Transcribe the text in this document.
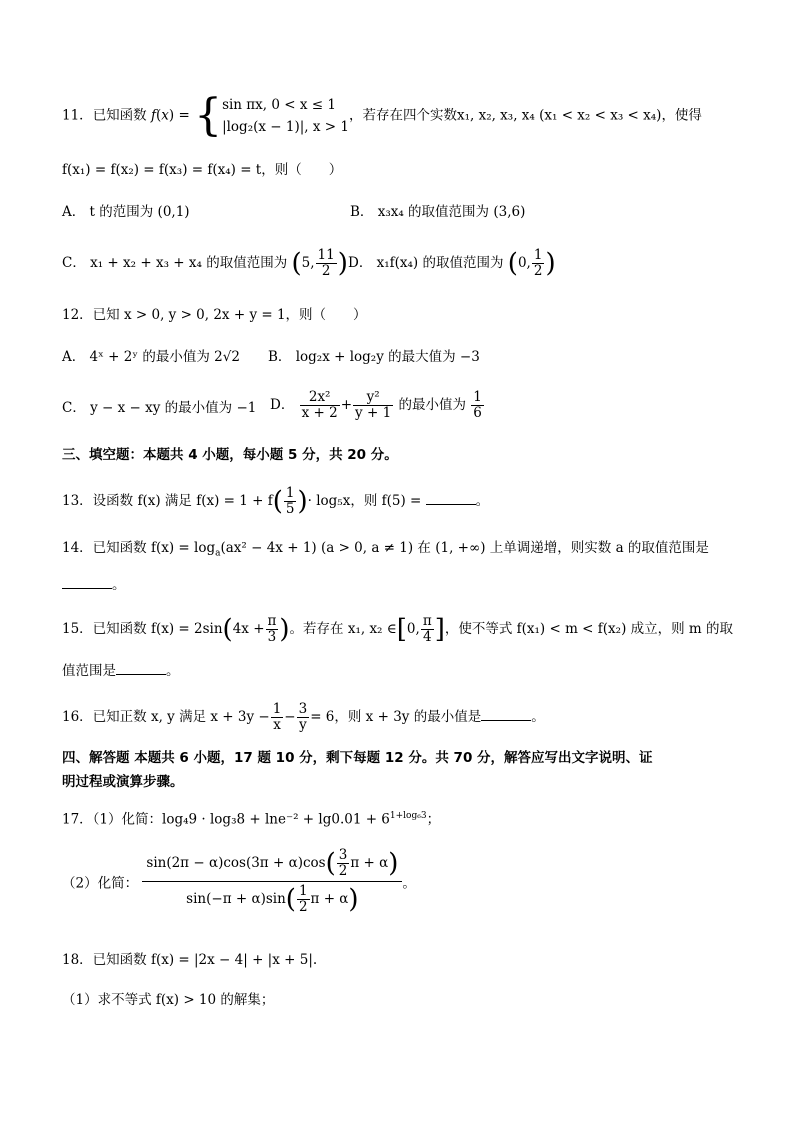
11．已知函数 f(x) = { sin πx, 0 < x ≤ 1
|log₂(x − 1)|, x > 1
，若存在四个实数x₁, x₂, x₃, x₄ (x₁ < x₂ < x₃ < x₄)，使得
f(x₁) = f(x₂) = f(x₃) = f(x₄) = t，则（　　）
A． t 的范围为 (0,1)	B． x₃x₄ 的取值范围为 (3,6)
C． x₁ + x₂ + x₃ + x₄ 的取值范围为 (5, $\frac{11}{2}$ ) D． x₁f(x₄) 的取值范围为 (0, $\frac{1}{2}$ )
12．已知 x > 0, y > 0, 2x + y = 1，则（　　）
A． 4ˣ + 2ʸ 的最小值为 2√2 B． log₂x + log₂y 的最大值为 −3
C． y − x − xy 的最小值为 −1 D． $\frac{\text{2x²}}{x + 2} + \frac{\text{y²}}{y + 1}$ 的最小值为 $\frac{1}{6}$
三、填空题：本题共 4 小题，每小题 5 分，共 20 分。
13．设函数 f(x) 满足 $f(x) = 1 + f( \frac{1}{5}$ )· log₅x，则 f(5) =	。
14．已知函数 $f(x) = \log_a(ax^2 - 4x + 1) (a > 0$, a ≠ 1) 在 (1, +∞) 上单调递增，则实数 a 的取值范围是
。
15．已知函数 $f(x) = 2\sin(4x + \frac{\pi}{3}$ )。若存在 x₁, x₂ ∈[0, $\frac{\pi}{4}$ ]，使不等式 f(x₁) < m < f(x₂) 成立，则 m 的取
值范围是	。
16．已知正数 x, y 满足 $x + 3y - \frac{1}{x} - \frac{3}{y} = 6$，则 x + 3y 的最小值是	。
四、解答题 本题共 6 小题，17 题 10 分，剩下每题 12 分。共 70 分，解答应写出文字说明、证
明过程或演算步骤。
17．（1）化简：$\log_49 \cdot \log_38 + \ln e^{-2} + \lg 0.01 + 6^{1+log_63}$；
（2）化简： $\frac{\sin(2\pi - \alpha)\cos(3\pi + \alpha)\cos( \frac{3}{2} \pi + \alpha)}{\sin(-\pi + \alpha)\sin( \frac{1}{2} \pi + \alpha)}$ 。
18．已知函数 f(x) = |2x − 4| + |x + 5|.
（1）求不等式 f(x) > 10 的解集；
